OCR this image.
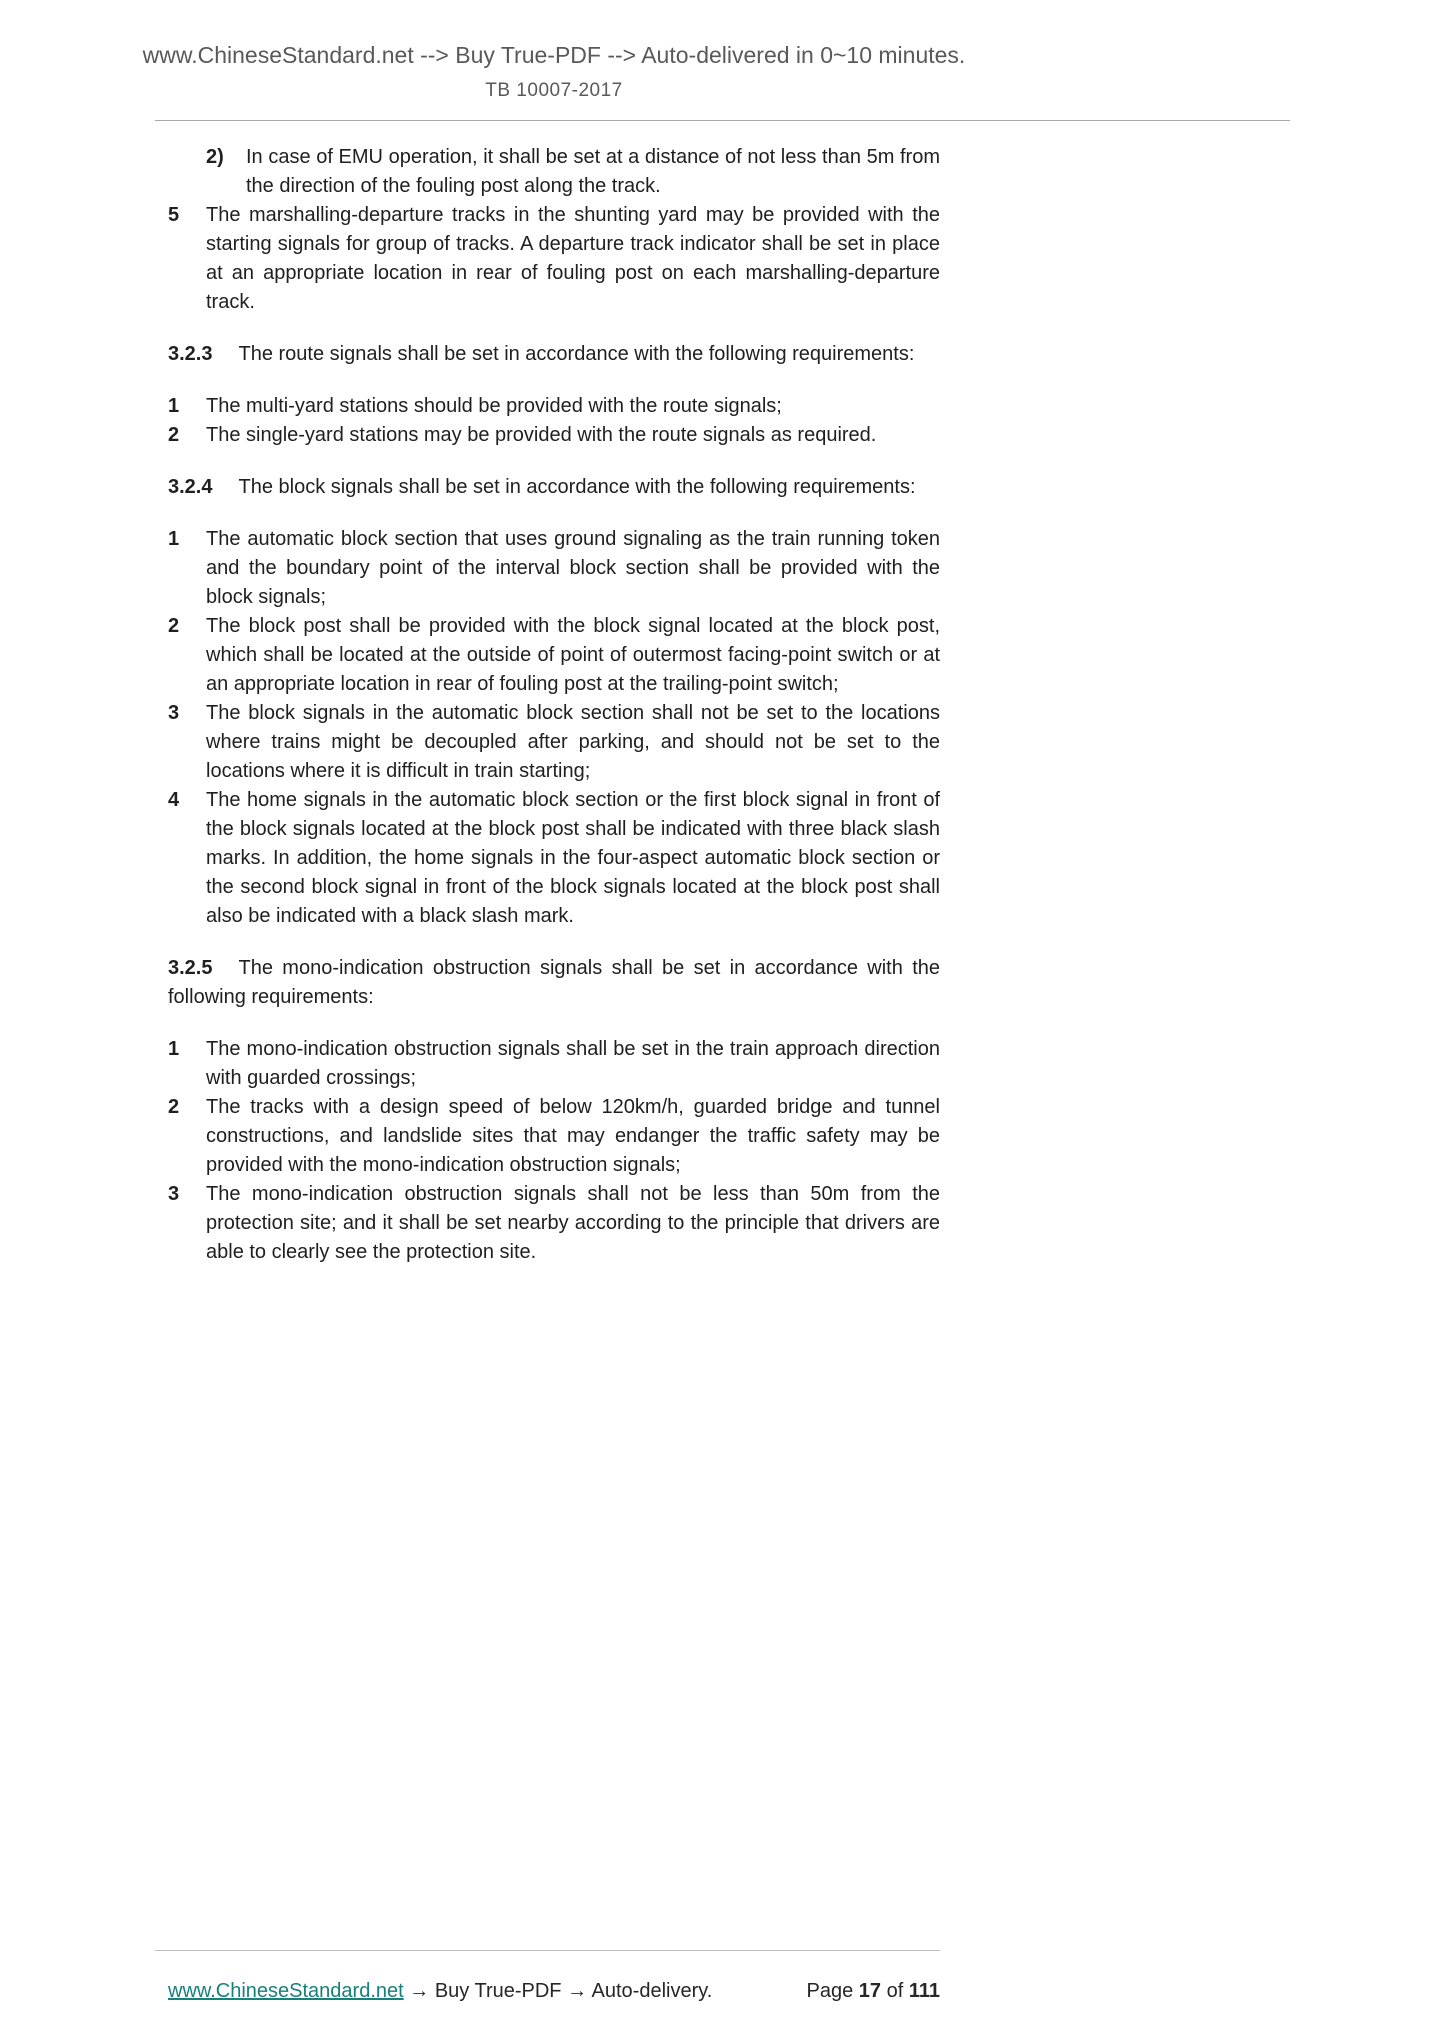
www.ChineseStandard.net --> Buy True-PDF --> Auto-delivered in 0~10 minutes.
TB 10007-2017
2) In case of EMU operation, it shall be set at a distance of not less than 5m from the direction of the fouling post along the track.
5 The marshalling-departure tracks in the shunting yard may be provided with the starting signals for group of tracks. A departure track indicator shall be set in place at an appropriate location in rear of fouling post on each marshalling-departure track.
3.2.3 The route signals shall be set in accordance with the following requirements:
1 The multi-yard stations should be provided with the route signals;
2 The single-yard stations may be provided with the route signals as required.
3.2.4 The block signals shall be set in accordance with the following requirements:
1 The automatic block section that uses ground signaling as the train running token and the boundary point of the interval block section shall be provided with the block signals;
2 The block post shall be provided with the block signal located at the block post, which shall be located at the outside of point of outermost facing-point switch or at an appropriate location in rear of fouling post at the trailing-point switch;
3 The block signals in the automatic block section shall not be set to the locations where trains might be decoupled after parking, and should not be set to the locations where it is difficult in train starting;
4 The home signals in the automatic block section or the first block signal in front of the block signals located at the block post shall be indicated with three black slash marks. In addition, the home signals in the four-aspect automatic block section or the second block signal in front of the block signals located at the block post shall also be indicated with a black slash mark.
3.2.5 The mono-indication obstruction signals shall be set in accordance with the following requirements:
1 The mono-indication obstruction signals shall be set in the train approach direction with guarded crossings;
2 The tracks with a design speed of below 120km/h, guarded bridge and tunnel constructions, and landslide sites that may endanger the traffic safety may be provided with the mono-indication obstruction signals;
3 The mono-indication obstruction signals shall not be less than 50m from the protection site; and it shall be set nearby according to the principle that drivers are able to clearly see the protection site.
www.ChineseStandard.net → Buy True-PDF → Auto-delivery.	Page 17 of 111
